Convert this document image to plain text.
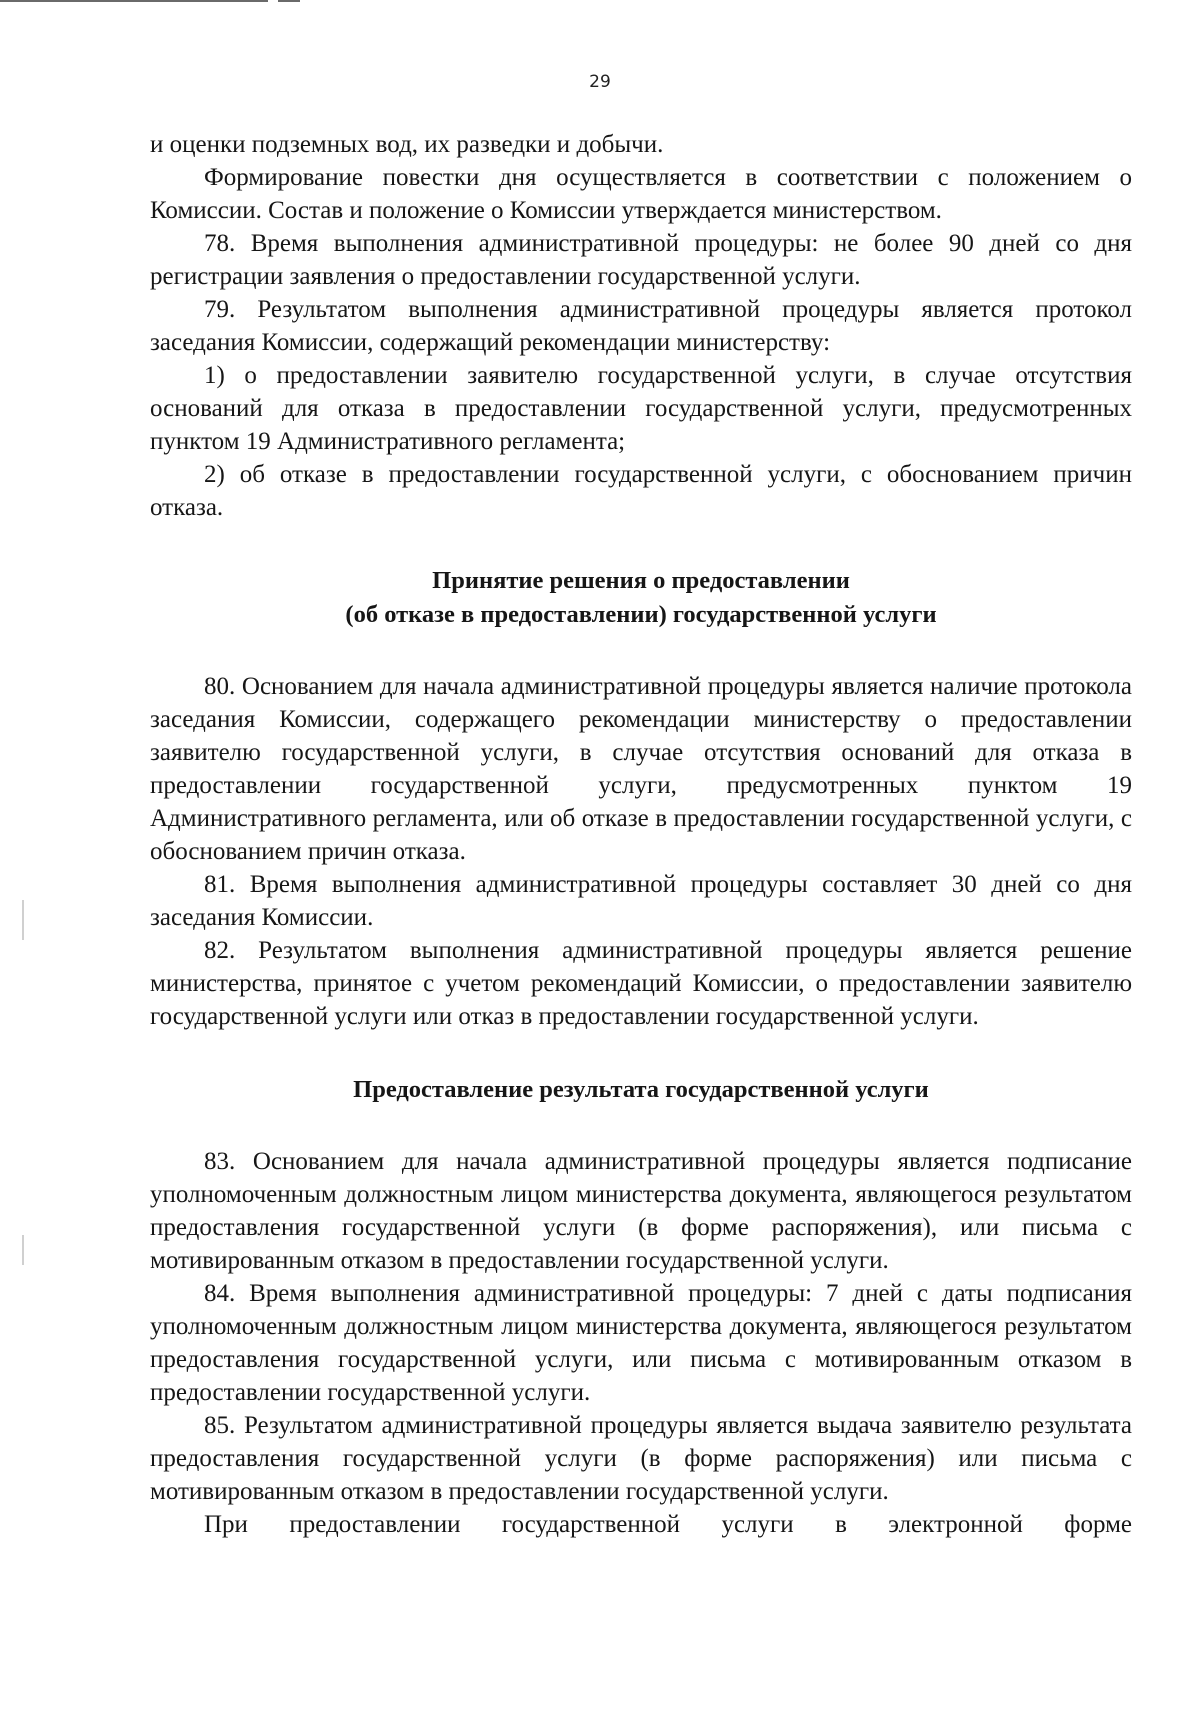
29

и оценки подземных вод, их разведки и добычи.

Формирование повестки дня осуществляется в соответствии с положением о Комиссии. Состав и положение о Комиссии утверждается министерством.

78. Время выполнения административной процедуры: не более 90 дней со дня регистрации заявления о предоставлении государственной услуги.

79. Результатом выполнения административной процедуры является протокол заседания Комиссии, содержащий рекомендации министерству:

1) о предоставлении заявителю государственной услуги, в случае отсутствия оснований для отказа в предоставлении государственной услуги, предусмотренных пунктом 19 Административного регламента;

2) об отказе в предоставлении государственной услуги, с обоснованием причин отказа.

Принятие решения о предоставлении
(об отказе в предоставлении) государственной услуги

80. Основанием для начала административной процедуры является наличие протокола заседания Комиссии, содержащего рекомендации министерству о предоставлении заявителю государственной услуги, в случае отсутствия оснований для отказа в предоставлении государственной услуги, предусмотренных пунктом 19 Административного регламента, или об отказе в предоставлении государственной услуги, с обоснованием причин отказа.

81. Время выполнения административной процедуры составляет 30 дней со дня заседания Комиссии.

82. Результатом выполнения административной процедуры является решение министерства, принятое с учетом рекомендаций Комиссии, о предоставлении заявителю государственной услуги или отказ в предоставлении государственной услуги.

Предоставление результата государственной услуги

83. Основанием для начала административной процедуры является подписание уполномоченным должностным лицом министерства документа, являющегося результатом предоставления государственной услуги (в форме распоряжения), или письма с мотивированным отказом в предоставлении государственной услуги.

84. Время выполнения административной процедуры: 7 дней с даты подписания уполномоченным должностным лицом министерства документа, являющегося результатом предоставления государственной услуги, или письма с мотивированным отказом в предоставлении государственной услуги.

85. Результатом административной процедуры является выдача заявителю результата предоставления государственной услуги (в форме распоряжения) или письма с мотивированным отказом в предоставлении государственной услуги.

При предоставлении государственной услуги в электронной форме
